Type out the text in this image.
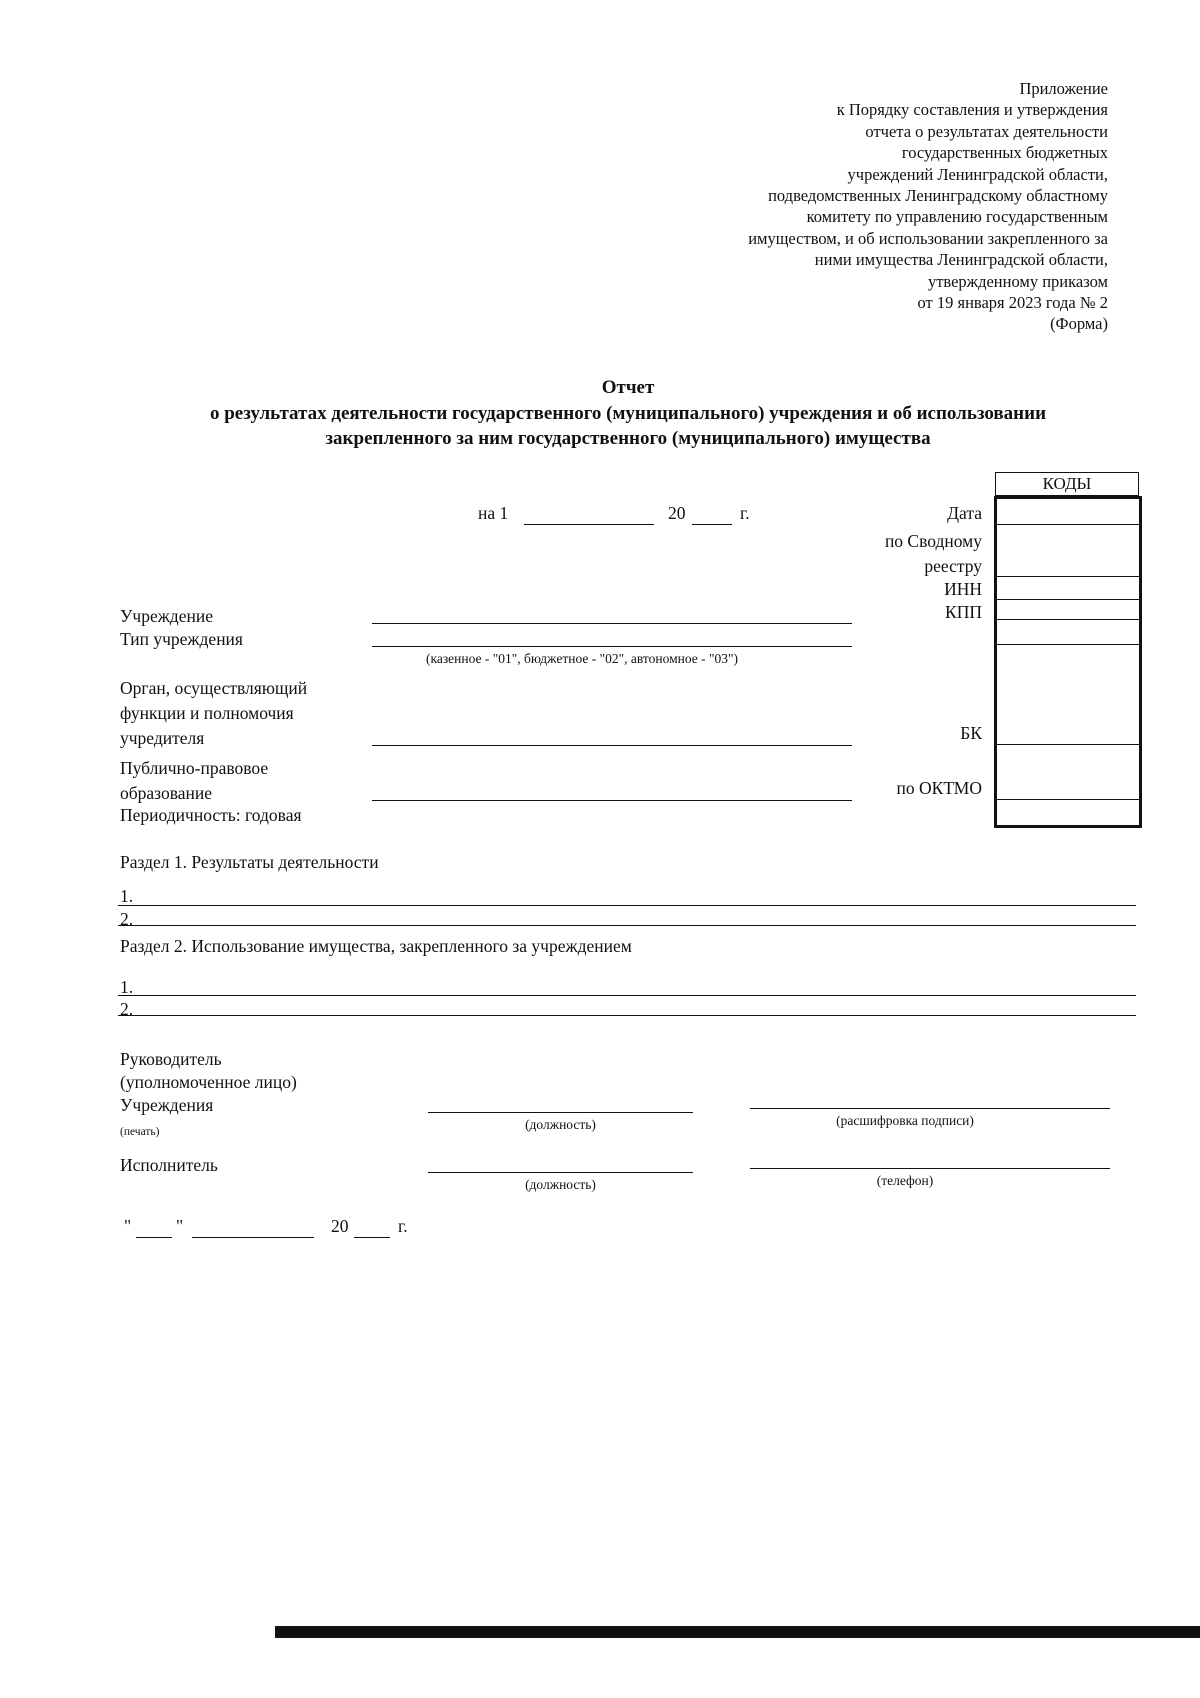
Приложение
к Порядку составления и утверждения
отчета о результатах деятельности
государственных бюджетных
учреждений Ленинградской области,
подведомственных Ленинградскому областному
комитету по управлению государственным
имуществом, и об использовании закрепленного за
ними имущества Ленинградской области,
утвержденному приказом
от 19 января 2023 года № 2
(Форма)
Отчет
о результатах деятельности государственного (муниципального) учреждения и об использовании
закрепленного за ним государственного (муниципального) имущества
на 1	20	г.
КОДЫ
Дата
по Сводному
реестру
ИНН
КПП
БК
по ОКТМО
Учреждение
Тип учреждения
(казенное - "01", бюджетное - "02", автономное - "03")
Орган, осуществляющий
функции и полномочия
учредителя
Публично-правовое
образование
Периодичность: годовая
Раздел 1. Результаты деятельности
1.
2.
Раздел 2. Использование имущества, закрепленного за учреждением
1.
2.
Руководитель
(уполномоченное лицо)
Учреждения
(печать)	(должность)	(расшифровка подписи)
Исполнитель
(должность)	(телефон)
"	"	20	г.
